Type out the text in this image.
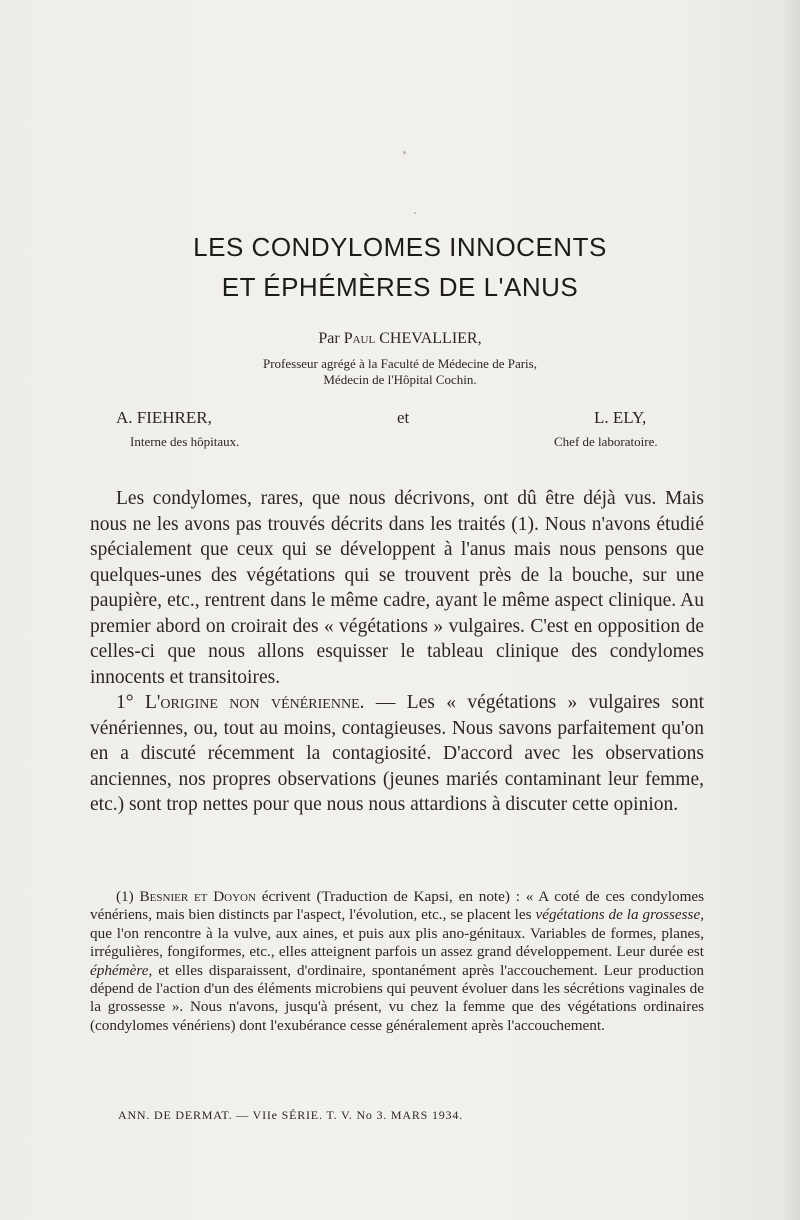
LES CONDYLOMES INNOCENTS
ET ÉPHÉMÈRES DE L'ANUS
Par Paul CHEVALLIER,
Professeur agrégé à la Faculté de Médecine de Paris,
Médecin de l'Hôpital Cochin.
A. FIEHRER,	et	L. ELY,
Interne des hôpitaux.	Chef de laboratoire.

Les condylomes, rares, que nous décrivons, ont dû être déjà vus. Mais nous ne les avons pas trouvés décrits dans les traités (1). Nous n'avons étudié spécialement que ceux qui se développent à l'anus mais nous pensons que quelques-unes des végétations qui se trouvent près de la bouche, sur une paupière, etc., rentrent dans le même cadre, ayant le même aspect clinique. Au premier abord on croirait des « végétations » vulgaires. C'est en opposition de celles-ci que nous allons esquisser le tableau clinique des condylomes innocents et transitoires.

1° L'origine non vénérienne. — Les « végétations » vulgaires sont vénériennes, ou, tout au moins, contagieuses. Nous savons parfaitement qu'on en a discuté récemment la contagiosité. D'accord avec les observations anciennes, nos propres observations (jeunes mariés contaminant leur femme, etc.) sont trop nettes pour que nous nous attardions à discuter cette opinion.

(1) Besnier et Doyon écrivent (Traduction de Kapsi, en note) : « A coté de ces condylomes vénériens, mais bien distincts par l'aspect, l'évolution, etc., se placent les végétations de la grossesse, que l'on rencontre à la vulve, aux aines, et puis aux plis ano-génitaux. Variables de formes, planes, irrégulières, fongiformes, etc., elles atteignent parfois un assez grand développement. Leur durée est éphémère, et elles disparaissent, d'ordinaire, spontanément après l'accouchement. Leur production dépend de l'action d'un des éléments microbiens qui peuvent évoluer dans les sécrétions vaginales de la grossesse ». Nous n'avons, jusqu'à présent, vu chez la femme que des végétations ordinaires (condylomes vénériens) dont l'exubérance cesse généralement après l'accouchement.

ANN. DE DERMAT. — VIIe SÉRIE. T. V. No 3. MARS 1934.
